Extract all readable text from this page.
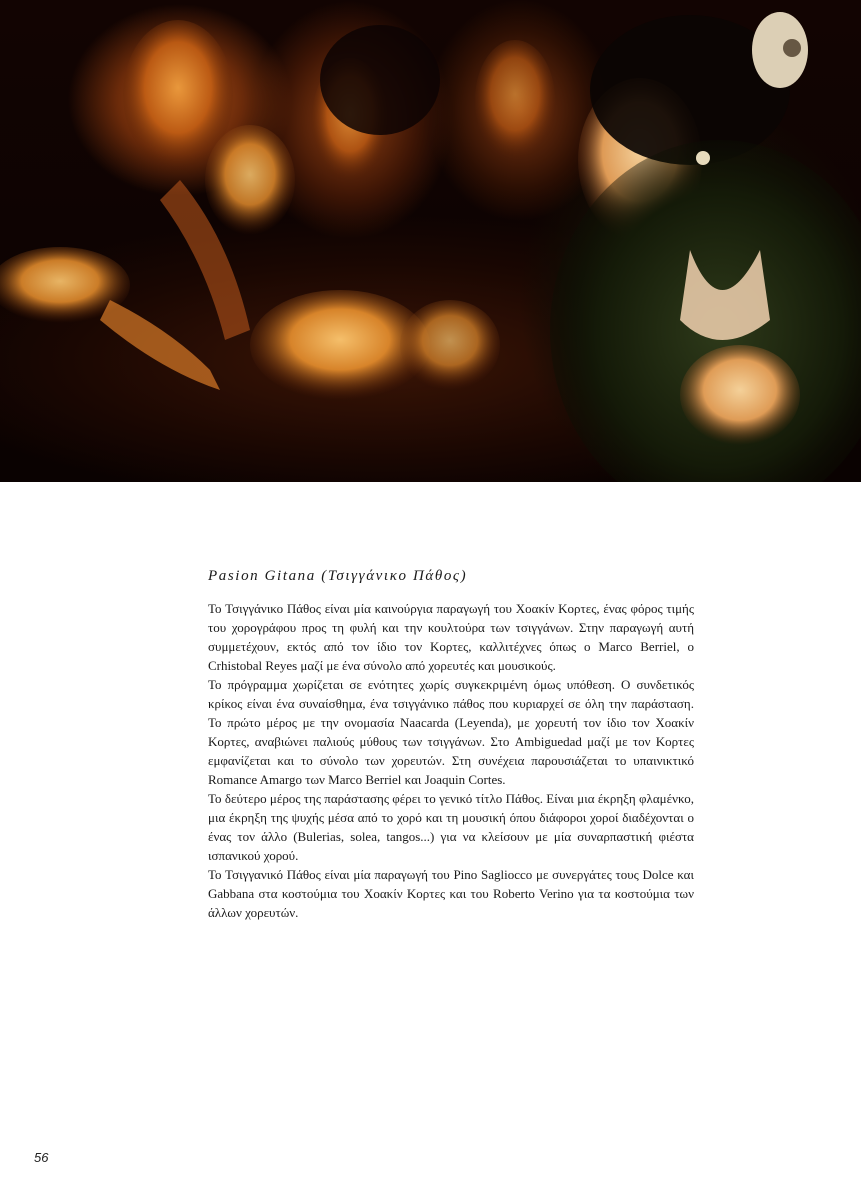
Pasion Gitana (Τσιγγάνικο Πάθος)

Το Τσιγγάνικο Πάθος είναι μία καινούργια παραγωγή του Χοακίν Κορτες, ένας φόρος τιμής του χορογράφου προς τη φυλή και την κουλτούρα των τσιγγάνων. Στην παραγωγή αυτή συμμετέχουν, εκτός από τον ίδιο τον Κορτες, καλλιτέχνες όπως ο Marco Berriel, ο Crhistobal Reyes μαζί με ένα σύνολο από χορευτές και μουσικούς.

Το πρόγραμμα χωρίζεται σε ενότητες χωρίς συγκεκριμένη όμως υπόθεση. Ο συνδετικός κρίκος είναι ένα συναίσθημα, ένα τσιγγάνικο πάθος που κυριαρχεί σε όλη την παράσταση. Το πρώτο μέρος με την ονομασία Naacarda (Leyenda), με χορευτή τον ίδιο τον Χοακίν Κορτες, αναβιώνει παλιούς μύθους των τσιγγάνων. Στο Ambiguedad μαζί με τον Κορτες εμφανίζεται και το σύνολο των χορευτών. Στη συνέχεια παρουσιάζεται το υπαινικτικό Romance Amargo των Marco Berriel και Joaquin Cortes.

Το δεύτερο μέρος της παράστασης φέρει το γενικό τίτλο Πάθος. Είναι μια έκρηξη φλαμένκο, μια έκρηξη της ψυχής μέσα από το χορό και τη μουσική όπου διάφοροι χοροί διαδέχονται ο ένας τον άλλο (Bulerias, solea, tangos...) για να κλείσουν με μία συναρπαστική φιέστα ισπανικού χορού.

Το Τσιγγανικό Πάθος είναι μία παραγωγή του Pino Sagliocco με συνεργάτες τους Dolce και Gabbana στα κοστούμια του Χοακίν Κορτες και του Roberto Verino για τα κοστούμια των άλλων χορευτών.

56
